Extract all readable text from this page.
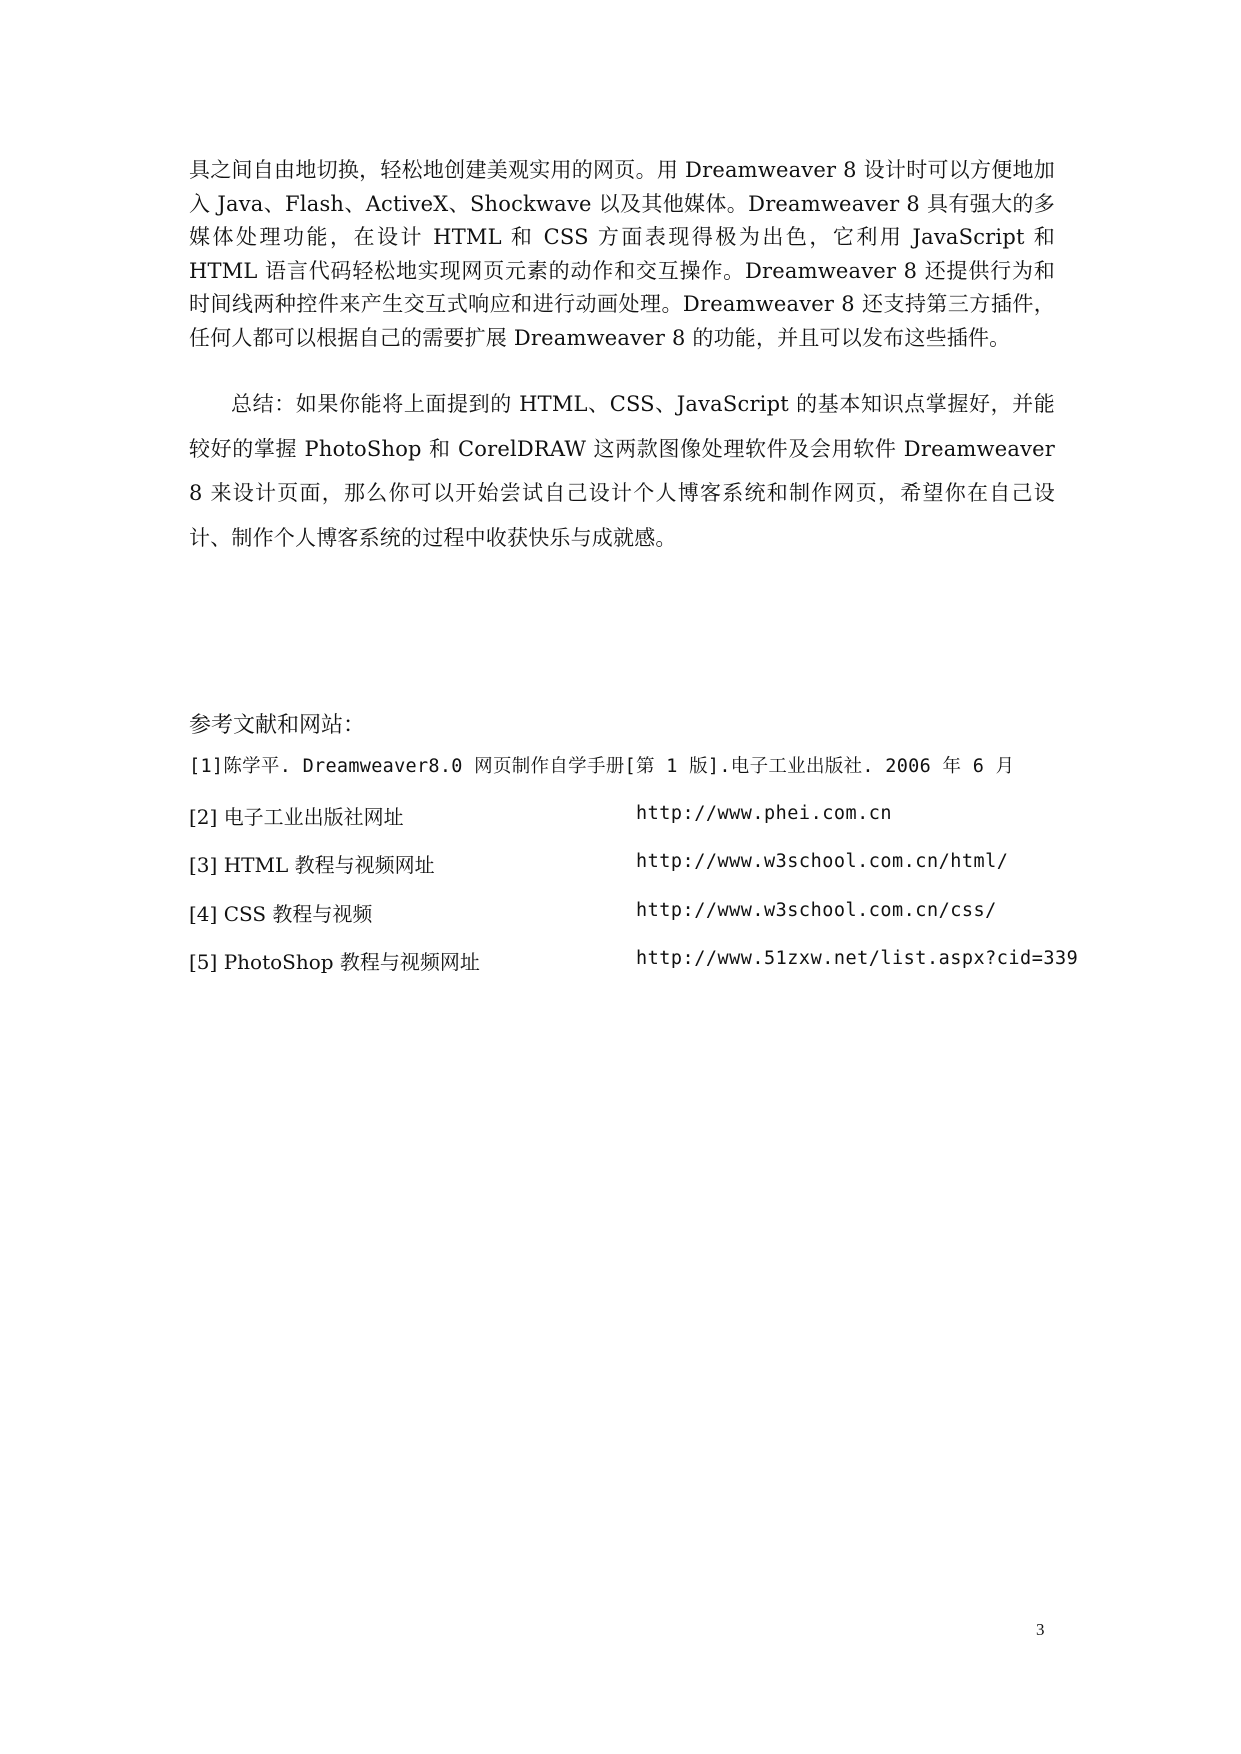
具之间自由地切换，轻松地创建美观实用的网页。用 Dreamweaver 8 设计时可以方便地加入 Java、Flash、ActiveX、Shockwave 以及其他媒体。Dreamweaver 8 具有强大的多媒体处理功能，在设计 HTML 和 CSS 方面表现得极为出色，它利用 JavaScript 和 HTML 语言代码轻松地实现网页元素的动作和交互操作。Dreamweaver 8 还提供行为和时间线两种控件来产生交互式响应和进行动画处理。Dreamweaver 8 还支持第三方插件，任何人都可以根据自己的需要扩展 Dreamweaver 8 的功能，并且可以发布这些插件。

总结：如果你能将上面提到的 HTML、CSS、JavaScript 的基本知识点掌握好，并能较好的掌握 PhotoShop 和 CorelDRAW 这两款图像处理软件及会用软件 Dreamweaver 8 来设计页面，那么你可以开始尝试自己设计个人博客系统和制作网页，希望你在自己设计、制作个人博客系统的过程中收获快乐与成就感。

参考文献和网站：
[1]陈学平. Dreamweaver8.0 网页制作自学手册[第 1 版].电子工业出版社. 2006 年 6 月
[2] 电子工业出版社网址	http://www.phei.com.cn
[3] HTML 教程与视频网址	http://www.w3school.com.cn/html/
[4] CSS 教程与视频	http://www.w3school.com.cn/css/
[5] PhotoShop 教程与视频网址	http://www.51zxw.net/list.aspx?cid=339
3
